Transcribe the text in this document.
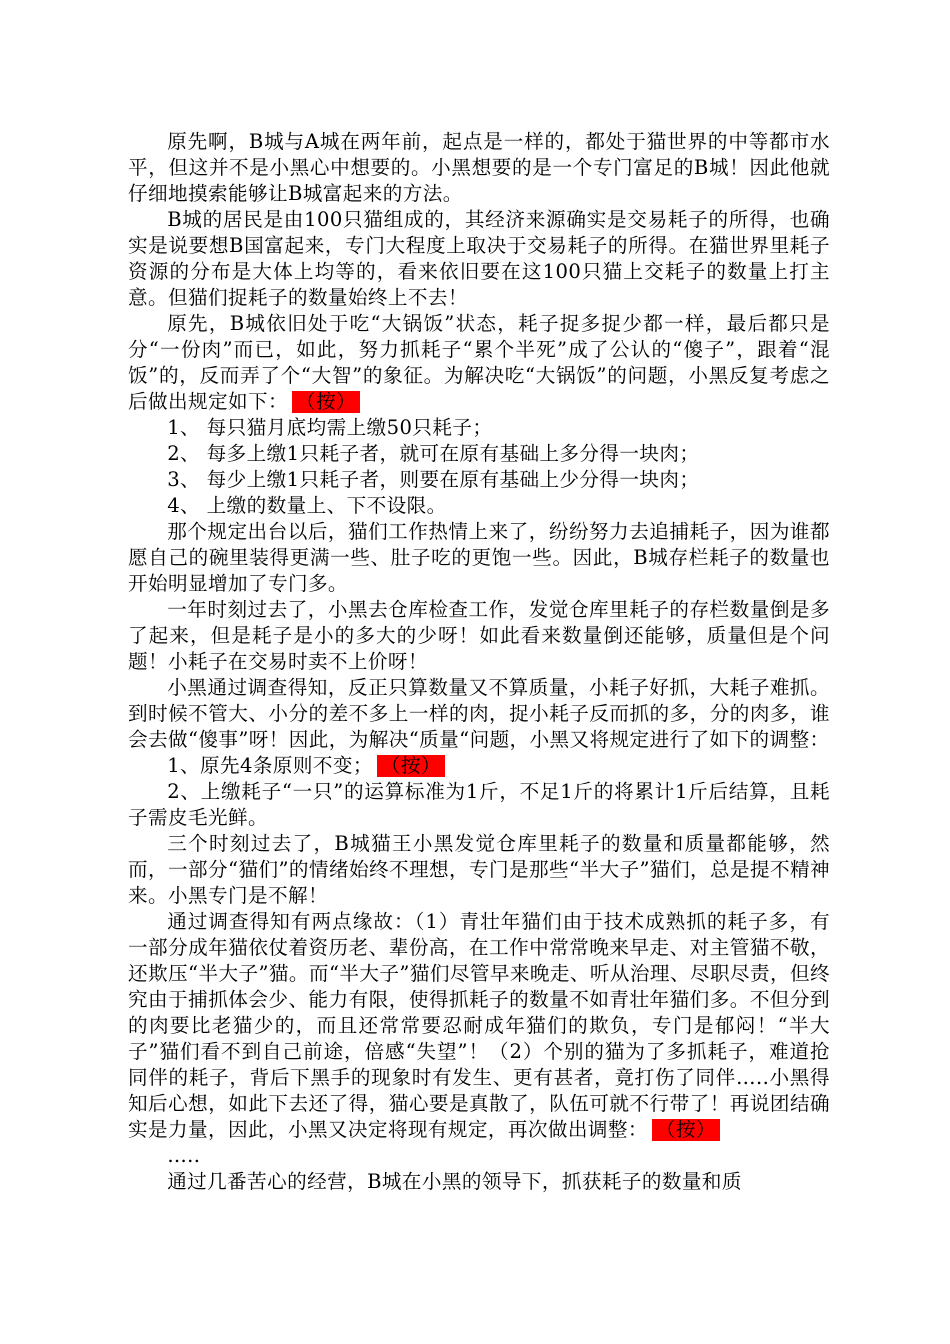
原先啊，B城与A城在两年前，起点是一样的，都处于猫世界的中等都市水平，但这并不是小黑心中想要的。小黑想要的是一个专门富足的B城！因此他就仔细地摸索能够让B城富起来的方法。

B城的居民是由100只猫组成的，其经济来源确实是交易耗子的所得，也确实是说要想B国富起来，专门大程度上取决于交易耗子的所得。在猫世界里耗子资源的分布是大体上均等的，看来依旧要在这100只猫上交耗子的数量上打主意。但猫们捉耗子的数量始终上不去！

原先，B城依旧处于吃“大锅饭”状态，耗子捉多捉少都一样，最后都只是分“一份肉”而已，如此，努力抓耗子“累个半死”成了公认的“傻子”，跟着“混饭”的，反而弄了个“大智”的象征。为解决吃“大锅饭”的问题，小黑反复考虑之后做出规定如下： （按）

1、 每只猫月底均需上缴50只耗子；

2、 每多上缴1只耗子者，就可在原有基础上多分得一块肉；

3、 每少上缴1只耗子者，则要在原有基础上少分得一块肉；

4、 上缴的数量上、下不设限。

那个规定出台以后，猫们工作热情上来了，纷纷努力去追捕耗子，因为谁都愿自己的碗里装得更满一些、肚子吃的更饱一些。因此，B城存栏耗子的数量也开始明显增加了专门多。

一年时刻过去了，小黑去仓库检查工作，发觉仓库里耗子的存栏数量倒是多了起来，但是耗子是小的多大的少呀！如此看来数量倒还能够，质量但是个问题！小耗子在交易时卖不上价呀！

小黑通过调查得知，反正只算数量又不算质量，小耗子好抓，大耗子难抓。到时候不管大、小分的差不多上一样的肉，捉小耗子反而抓的多，分的肉多，谁会去做“傻事”呀！因此，为解决“质量“问题，小黑又将规定进行了如下的调整：

1、原先4条原则不变； （按）

2、上缴耗子“一只”的运算标准为1斤，不足1斤的将累计1斤后结算，且耗子需皮毛光鲜。

三个时刻过去了，B城猫王小黑发觉仓库里耗子的数量和质量都能够，然而，一部分“猫们”的情绪始终不理想，专门是那些“半大子”猫们，总是提不精神来。小黑专门是不解！

通过调查得知有两点缘故：（1）青壮年猫们由于技术成熟抓的耗子多，有一部分成年猫依仗着资历老、辈份高，在工作中常常晚来早走、对主管猫不敬，还欺压“半大子”猫。而“半大子”猫们尽管早来晚走、听从治理、尽职尽责，但终究由于捕抓体会少、能力有限，使得抓耗子的数量不如青壮年猫们多。不但分到的肉要比老猫少的，而且还常常要忍耐成年猫们的欺负，专门是郁闷！“半大子”猫们看不到自己前途，倍感“失望”！（2）个别的猫为了多抓耗子，难道抢同伴的耗子，背后下黑手的现象时有发生、更有甚者，竟打伤了同伴…..小黑得知后心想，如此下去还了得，猫心要是真散了，队伍可就不行带了！再说团结确实是力量，因此，小黑又决定将现有规定，再次做出调整： （按）

…..

通过几番苦心的经营，B城在小黑的领导下，抓获耗子的数量和质
